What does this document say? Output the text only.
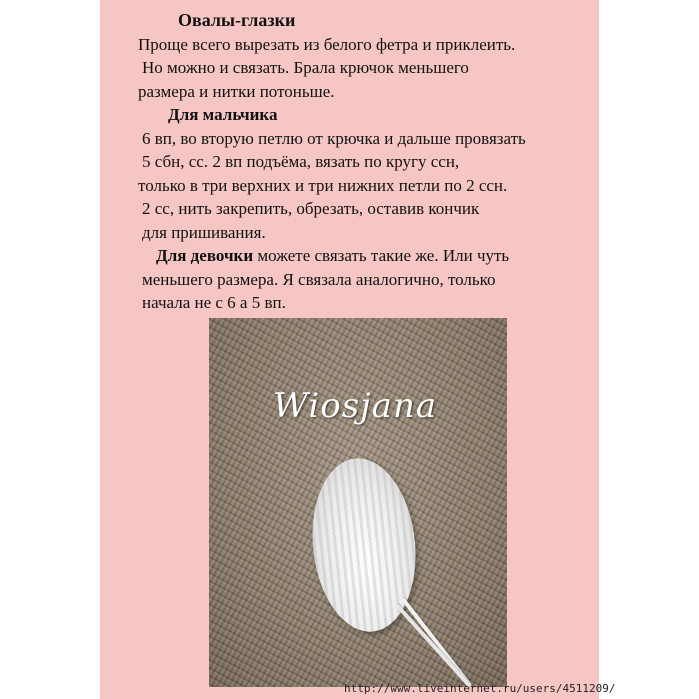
Овалы-глазки
Проще всего вырезать из белого фетра и приклеить.
Но можно и связать. Брала крючок меньшего
размера и нитки потоньше.
Для мальчика
6 вп, во вторую петлю от крючка и дальше провязать
5 сбн, сс. 2 вп подъёма, вязать по кругу ссн,
только в три верхних и три нижних петли по 2 ссн.
2 сс, нить закрепить, обрезать, оставив кончик
для пришивания.
Для девочки можете связать такие же. Или чуть
меньшего размера. Я связала аналогично, только
начала не с 6 а 5 вп.
Wiosjana
http://www.liveinternet.ru/users/4511209/
